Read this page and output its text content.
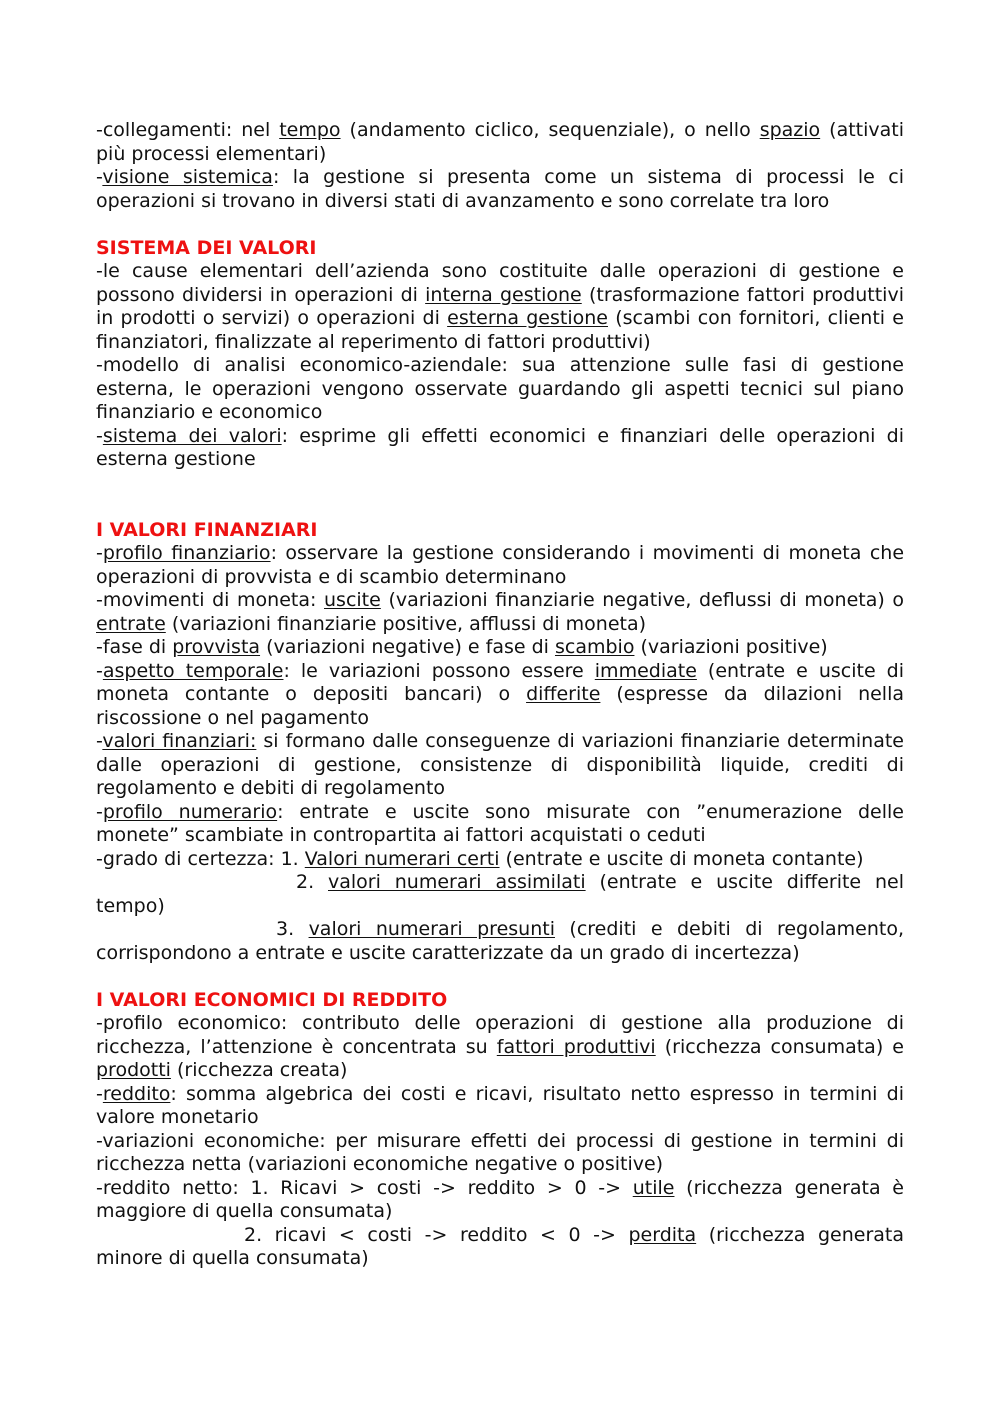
-collegamenti: nel tempo (andamento ciclico, sequenziale), o nello spazio (attivati più processi elementari)

-visione sistemica: la gestione si presenta come un sistema di processi le ci operazioni si trovano in diversi stati di avanzamento e sono correlate tra loro

SISTEMA DEI VALORI

-le cause elementari dell’azienda sono costituite dalle operazioni di gestione e possono dividersi in operazioni di interna gestione (trasformazione fattori produttivi in prodotti o servizi) o operazioni di esterna gestione (scambi con fornitori, clienti e finanziatori, finalizzate al reperimento di fattori produttivi)

-modello di analisi economico-aziendale: sua attenzione sulle fasi di gestione esterna, le operazioni vengono osservate guardando gli aspetti tecnici sul piano finanziario e economico

-sistema dei valori: esprime gli effetti economici e finanziari delle operazioni di esterna gestione

I VALORI FINANZIARI

-profilo finanziario: osservare la gestione considerando i movimenti di moneta che operazioni di provvista e di scambio determinano

-movimenti di moneta: uscite (variazioni finanziarie negative, deflussi di moneta) o entrate (variazioni finanziarie positive, afflussi di moneta)

-fase di provvista (variazioni negative) e fase di scambio (variazioni positive)

-aspetto temporale: le variazioni possono essere immediate (entrate e uscite di moneta contante o depositi bancari) o differite (espresse da dilazioni nella riscossione o nel pagamento

-valori finanziari: si formano dalle conseguenze di variazioni finanziarie determinate dalle operazioni di gestione, consistenze di disponibilità liquide, crediti di regolamento e debiti di regolamento

-profilo numerario: entrate e uscite sono misurate con ”enumerazione delle monete” scambiate in contropartita ai fattori acquistati o ceduti

-grado di certezza: 1. Valori numerari certi (entrate e uscite di moneta contante)

2. valori numerari assimilati (entrate e uscite differite nel tempo)

3. valori numerari presunti (crediti e debiti di regolamento, corrispondono a entrate e uscite caratterizzate da un grado di incertezza)

I VALORI ECONOMICI DI REDDITO

-profilo economico: contributo delle operazioni di gestione alla produzione di ricchezza, l’attenzione è concentrata su fattori produttivi (ricchezza consumata) e prodotti (ricchezza creata)

-reddito: somma algebrica dei costi e ricavi, risultato netto espresso in termini di valore monetario

-variazioni economiche: per misurare effetti dei processi di gestione in termini di ricchezza netta (variazioni economiche negative o positive)

-reddito netto: 1. Ricavi > costi -> reddito > 0 -> utile (ricchezza generata è maggiore di quella consumata)

2. ricavi < costi -> reddito < 0 -> perdita (ricchezza generata minore di quella consumata)
